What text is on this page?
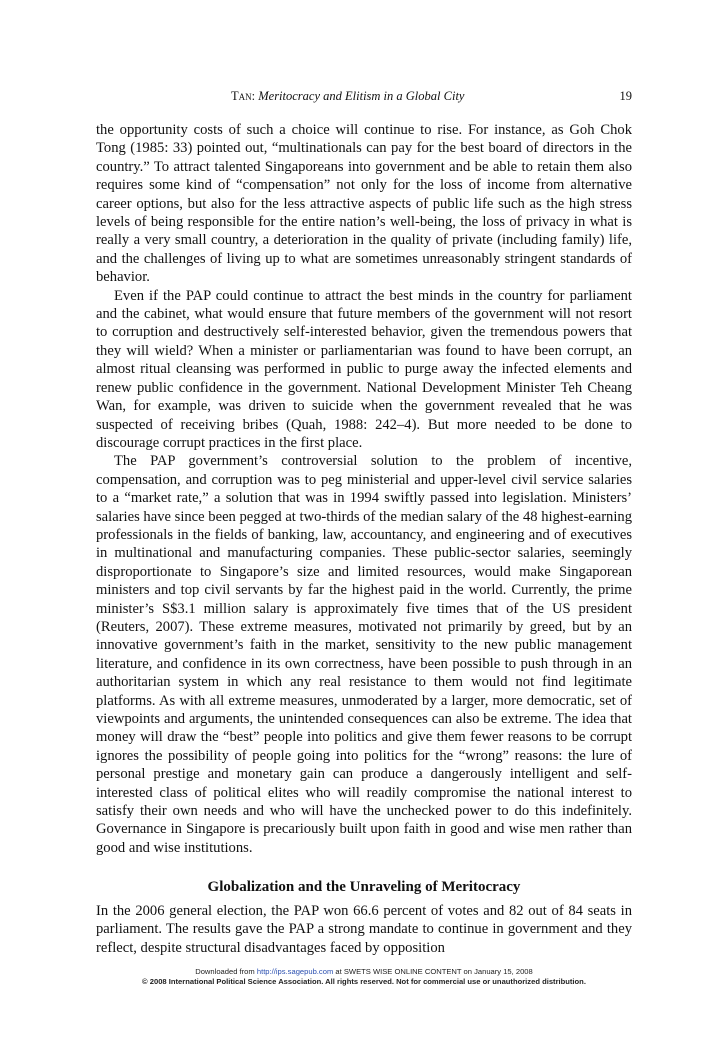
Tan: Meritocracy and Elitism in a Global City	19

the opportunity costs of such a choice will continue to rise. For instance, as Goh Chok Tong (1985: 33) pointed out, “multinationals can pay for the best board of directors in the country.” To attract talented Singaporeans into government and be able to retain them also requires some kind of “compensation” not only for the loss of income from alternative career options, but also for the less attractive aspects of public life such as the high stress levels of being responsible for the entire nation’s well-being, the loss of privacy in what is really a very small country, a deterioration in the quality of private (including family) life, and the challenges of living up to what are sometimes unreasonably stringent standards of behavior.

Even if the PAP could continue to attract the best minds in the country for parliament and the cabinet, what would ensure that future members of the government will not resort to corruption and destructively self-interested behavior, given the tremendous powers that they will wield? When a minister or parliamentarian was found to have been corrupt, an almost ritual cleansing was performed in public to purge away the infected elements and renew public confidence in the government. National Development Minister Teh Cheang Wan, for example, was driven to suicide when the government revealed that he was suspected of receiving bribes (Quah, 1988: 242–4). But more needed to be done to discourage corrupt practices in the first place.

The PAP government’s controversial solution to the problem of incentive, compensation, and corruption was to peg ministerial and upper-level civil service salaries to a “market rate,” a solution that was in 1994 swiftly passed into legislation. Ministers’ salaries have since been pegged at two-thirds of the median salary of the 48 highest-earning professionals in the fields of banking, law, accountancy, and engineering and of executives in multinational and manufacturing companies. These public-sector salaries, seemingly disproportionate to Singapore’s size and limited resources, would make Singaporean ministers and top civil servants by far the highest paid in the world. Currently, the prime minister’s S$3.1 million salary is approximately five times that of the US president (Reuters, 2007). These extreme measures, motivated not primarily by greed, but by an innovative government’s faith in the market, sensitivity to the new public management literature, and confidence in its own correctness, have been possible to push through in an authoritarian system in which any real resistance to them would not find legitimate platforms. As with all extreme measures, unmoderated by a larger, more democratic, set of viewpoints and arguments, the unintended consequences can also be extreme. The idea that money will draw the “best” people into politics and give them fewer reasons to be corrupt ignores the possibility of people going into politics for the “wrong” reasons: the lure of personal prestige and monetary gain can produce a dangerously intelligent and self-interested class of political elites who will readily compromise the national interest to satisfy their own needs and who will have the unchecked power to do this indefinitely. Governance in Singapore is precariously built upon faith in good and wise men rather than good and wise institutions.

Globalization and the Unraveling of Meritocracy

In the 2006 general election, the PAP won 66.6 percent of votes and 82 out of 84 seats in parliament. The results gave the PAP a strong mandate to continue in government and they reflect, despite structural disadvantages faced by opposition

Downloaded from http://ips.sagepub.com at SWETS WISE ONLINE CONTENT on January 15, 2008
© 2008 International Political Science Association. All rights reserved. Not for commercial use or unauthorized distribution.
